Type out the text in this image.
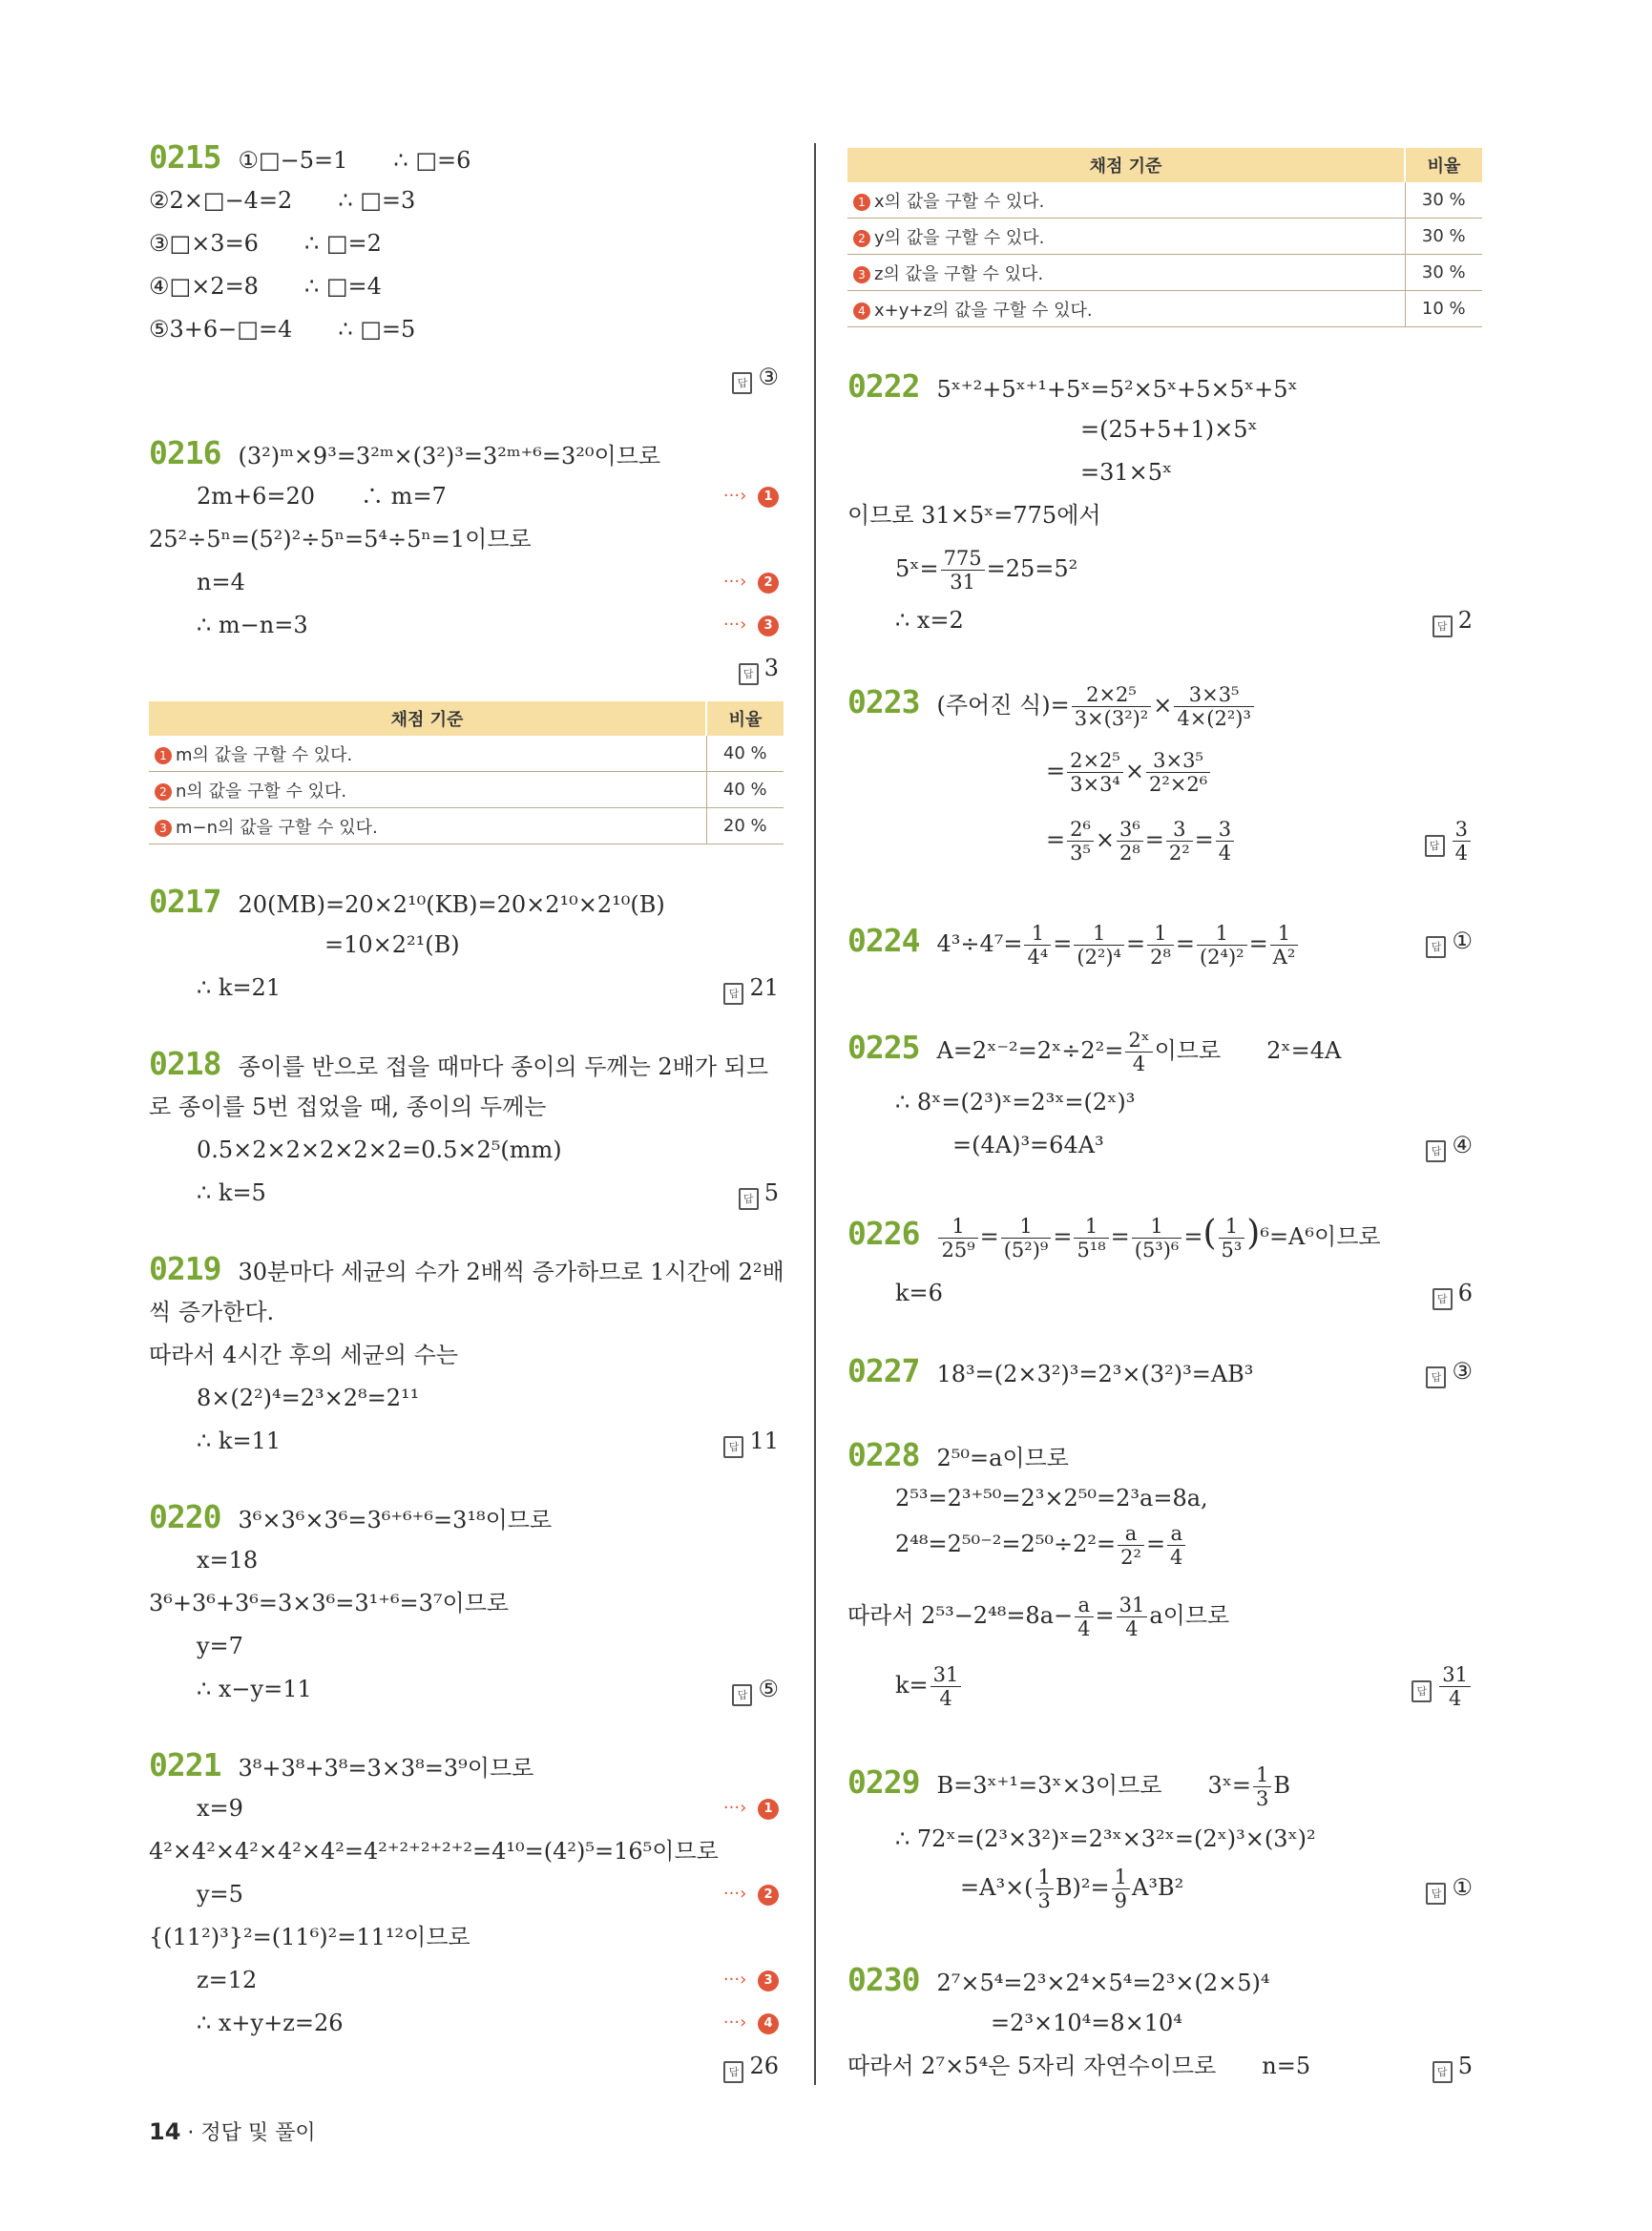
0215 ①□−5=1　　∴ □=6
②2×□−4=2　　∴ □=3
③□×3=6　　∴ □=2
④□×2=8　　∴ □=4
⑤3+6−□=4　　∴ □=5
답 ③
0216 (3²)ᵐ×9³=3²ᵐ×(3²)³=3²ᵐ⁺⁶=3²⁰이므로
2m+6=20　　∴ m=7	···› 1
25²÷5ⁿ=(5²)²÷5ⁿ=5⁴÷5ⁿ=1이므로
n=4	···› 2
∴ m−n=3	···› 3
답 3
채점 기준	비율
1 m의 값을 구할 수 있다.	40 %
2 n의 값을 구할 수 있다.	40 %
3 m−n의 값을 구할 수 있다.	20 %
0217 20(MB)=20×2¹⁰(KB)=20×2¹⁰×2¹⁰(B)
=10×2²¹(B)
∴ k=21	답 21
0218 종이를 반으로 접을 때마다 종이의 두께는 2배가 되므
로 종이를 5번 접었을 때, 종이의 두께는
0.5×2×2×2×2×2=0.5×2⁵(mm)
∴ k=5	답 5
0219 30분마다 세균의 수가 2배씩 증가하므로 1시간에 2²배
씩 증가한다.
따라서 4시간 후의 세균의 수는
8×(2²)⁴=2³×2⁸=2¹¹
∴ k=11	답 11
0220 3⁶×3⁶×3⁶=3⁶⁺⁶⁺⁶=3¹⁸이므로
x=18
3⁶+3⁶+3⁶=3×3⁶=3¹⁺⁶=3⁷이므로
y=7
∴ x−y=11	답 ⑤
0221 3⁸+3⁸+3⁸=3×3⁸=3⁹이므로
x=9	···› 1
4²×4²×4²×4²×4²=4²⁺²⁺²⁺²⁺²=4¹⁰=(4²)⁵=16⁵이므로
y=5	···› 2
{(11²)³}²=(11⁶)²=11¹²이므로
z=12	···› 3
∴ x+y+z=26	···› 4
답 26
채점 기준	비율
1 x의 값을 구할 수 있다.	30 %
2 y의 값을 구할 수 있다.	30 %
3 z의 값을 구할 수 있다.	30 %
4 x+y+z의 값을 구할 수 있다.	10 %
0222 5ˣ⁺²+5ˣ⁺¹+5ˣ=5²×5ˣ+5×5ˣ+5ˣ
=(25+5+1)×5ˣ
=31×5ˣ
이므로 31×5ˣ=775에서
5ˣ= $\frac{775}{31} =25=5^2$
∴ x=2	답 2
0223 (주어진 식)= $\frac{\text{2×2⁵}}{\text{3×(3²)²}} \times \frac{\text{3×3⁵}}{\text{4×(2²)³}}$
= $\frac{\text{2×2⁵}}{\text{3×3⁴}} \times \frac{\text{3×3⁵}}{\text{2²×2⁶}}$
= $\frac{\text{2⁶}}{\text{3⁵}} \times \frac{\text{3⁶}}{\text{2⁸}} = \frac{3}{\text{2²}} = \frac{3}{4}$	답 $\frac{3}{4}$
0224 $4^3\div 4^7= \frac{1}{\text{4⁴}} = \frac{1}{\text{(2²)⁴}} = \frac{1}{\text{2⁸}} = \frac{1}{\text{(2⁴)²}} = \frac{1}{\text{A²}}$	답 ①
0225 A=2ˣ⁻²=2ˣ÷2²= $\frac{\text{2ˣ}}{4}$ 이므로　　2ˣ=4A
∴ 8ˣ=(2³)ˣ=2³ˣ=(2ˣ)³
=(4A)³=64A³	답 ④
$0226 \frac{1}{\text{25⁹}} = \frac{1}{\text{(5²)⁹}} = \frac{1}{\text{5¹⁸}} = \frac{1}{\text{(5³)⁶}}$ =( $\frac{1}{\text{5³}} )^6=A^6$이므로
k=6	답 6
0227 18³=(2×3²)³=2³×(3²)³=AB³	답 ③
0228 2⁵⁰=a이므로
2⁵³=2³⁺⁵⁰=2³×2⁵⁰=2³a=8a,
$2^{48}=2^{50-2}=2^{50}\div 2^2= \frac{a}{\text{2²}} = \frac{a}{4}$
따라서 $2^{53}-2^{48}=8a- \frac{a}{4} = \frac{31}{4}$ a이므로
$k= \frac{31}{4}$	답 $\frac{31}{4}$
0229 B=3ˣ⁺¹=3ˣ×3이므로　　3ˣ= $\frac{1}{3}$ B
∴ 72ˣ=(2³×3²)ˣ=2³ˣ×3²ˣ=(2ˣ)³×(3ˣ)²
$=A^3\times( \frac{1}{3} B)^2= \frac{1}{9} A^3B^2$	답 ①
0230 2⁷×5⁴=2³×2⁴×5⁴=2³×(2×5)⁴
=2³×10⁴=8×10⁴
따라서 2⁷×5⁴은 5자리 자연수이므로　　n=5	답 5
14 · 정답 및 풀이
